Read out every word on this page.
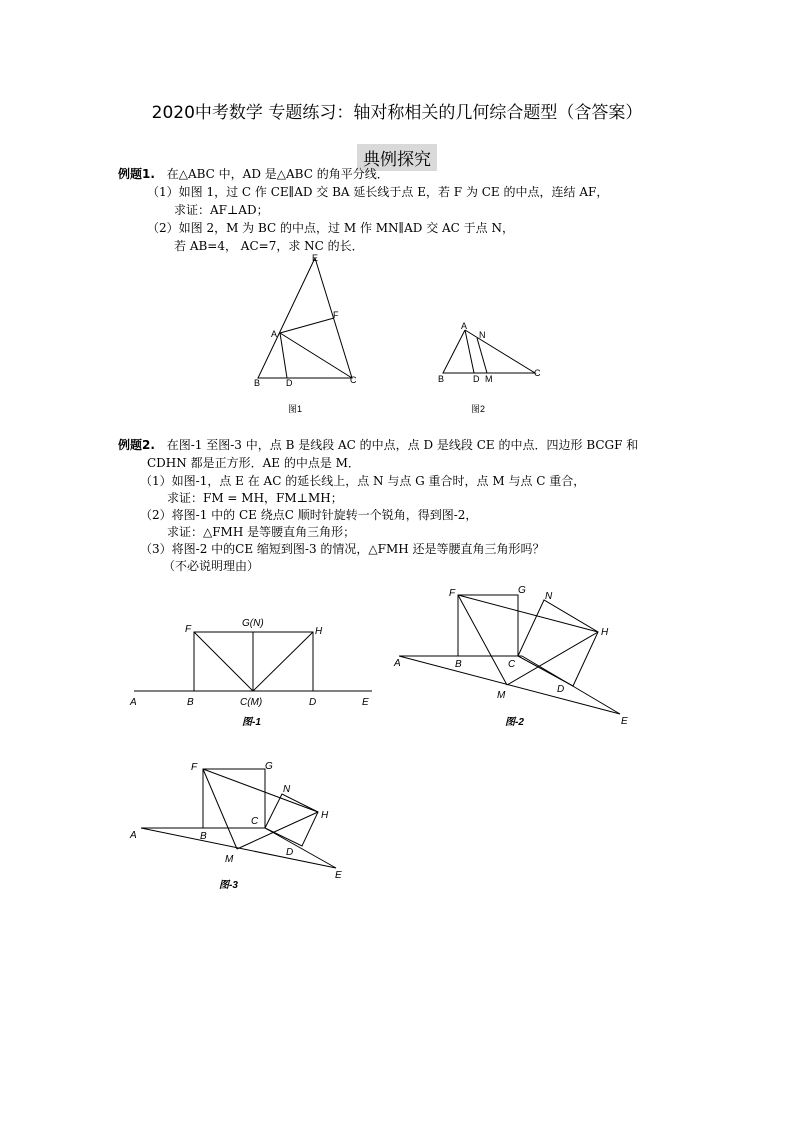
2020中考数学 专题练习：轴对称相关的几何综合题型（含答案）
典例探究
例题1. 在△ABC 中，AD 是△ABC 的角平分线．
（1）如图 1，过 C 作 CE∥AD 交 BA 延长线于点 E，若 F 为 CE 的中点，连结 AF，
求证：AF⊥AD；
（2）如图 2，M 为 BC 的中点，过 M 作 MN∥AD 交 AC 于点 N，
若 AB=4， AC=7，求 NC 的长．
E
F
A
B	D	C
图1
A
N
B	D M
C
图2
例题2. 在图-1 至图-3 中，点 B 是线段 AC 的中点，点 D 是线段 CE 的中点．四边形 BCGF 和
CDHN 都是正方形．AE 的中点是 M．
（1）如图-1，点 E 在 AC 的延长线上，点 N 与点 G 重合时，点 M 与点 C 重合，
求证：FM = MH，FM⊥MH；
（2）将图-1 中的 CE 绕点C 顺时针旋转一个锐角，得到图-2，
求证：△FMH 是等腰直角三角形；
（3）将图-2 中的CE 缩短到图-3 的情况，△FMH 还是等腰直角三角形吗？
（不必说明理由）
F
G(N)
H
A	B	C(M)	D	E
图-1
F	G
N
H
A	B	C
M
D
E
图-2
F	G
N
H
A	B
C
M
D
E
图-3
